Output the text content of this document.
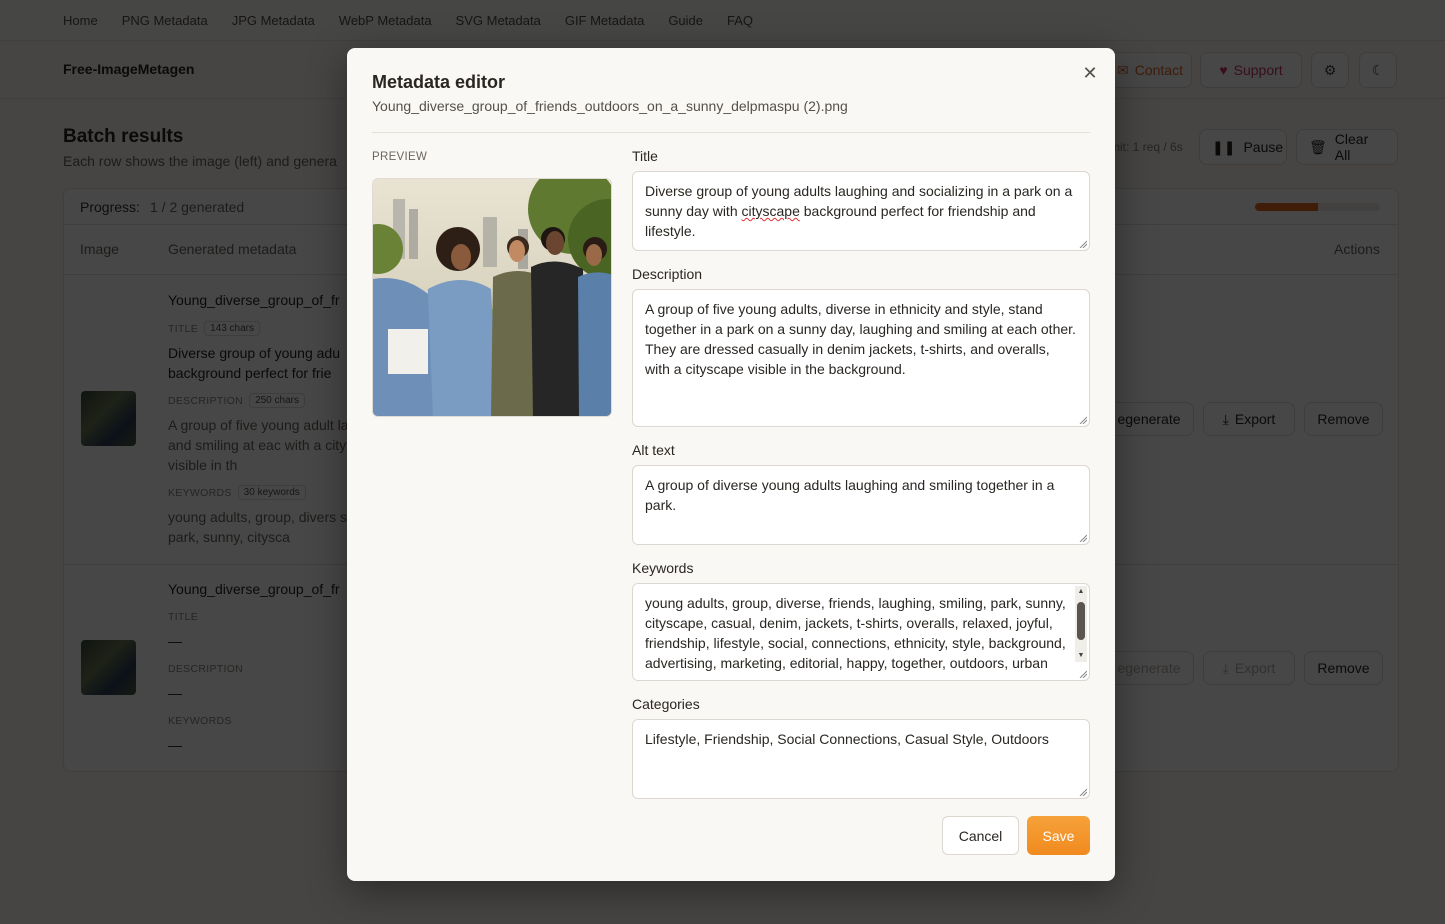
Metadata editor
Young_diverse_group_of_friends_outdoors_on_a_sunny_delpmaspu (2).png
✕
PREVIEW	Title
Diverse group of young adults laughing and socializing in a park on a sunny day with cityscape background perfect for friendship and lifestyle.
Description
A group of five young adults, diverse in ethnicity and style, stand together in a park on a sunny day, laughing and smiling at each other. They are dressed casually in denim jackets, t-shirts, and overalls, with a cityscape visible in the background.
Alt text
A group of diverse young adults laughing and smiling together in a park.
Keywords
young adults, group, diverse, friends, laughing, smiling, park, sunny, cityscape, casual, denim, jackets, t-shirts, overalls, relaxed, joyful, friendship, lifestyle, social, connections, ethnicity, style, background, advertising, marketing, editorial, happy, together, outdoors, urban
▲
▼
Categories
Lifestyle, Friendship, Social Connections, Casual Style, Outdoors
Cancel	Save
